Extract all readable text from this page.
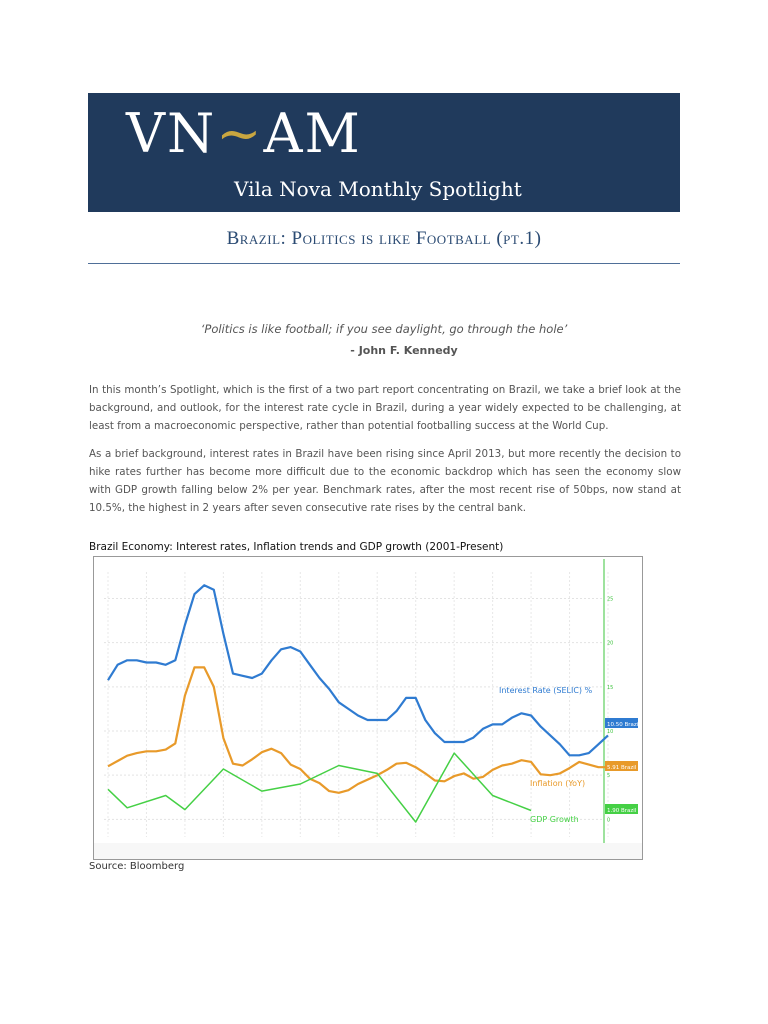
VN~AM
Vila Nova Monthly Spotlight
Brazil: Politics is like Football (pt.1)
‘Politics is like football; if you see daylight, go through the hole’
- John F. Kennedy

In this month’s Spotlight, which is the first of a two part report concentrating on Brazil, we take a brief look at the background, and outlook, for the interest rate cycle in Brazil, during a year widely expected to be challenging, at least from a macroeconomic perspective, rather than potential footballing success at the World Cup.

As a brief background, interest rates in Brazil have been rising since April 2013, but more recently the decision to hike rates further has become more difficult due to the economic backdrop which has seen the economy slow with GDP growth falling below 2% per year. Benchmark rates, after the most recent rise of 50bps, now stand at 10.5%, the highest in 2 years after seven consecutive rate rises by the central bank.

Brazil Economy: Interest rates, Inflation trends and GDP growth (2001-Present)
25
20
15
10
5
0
Interest Rate (SELIC) %
Inflation (YoY)
GDP Growth
10.50 Brazil
5.91 Brazil
1.90 Brazil
Source: Bloomberg
